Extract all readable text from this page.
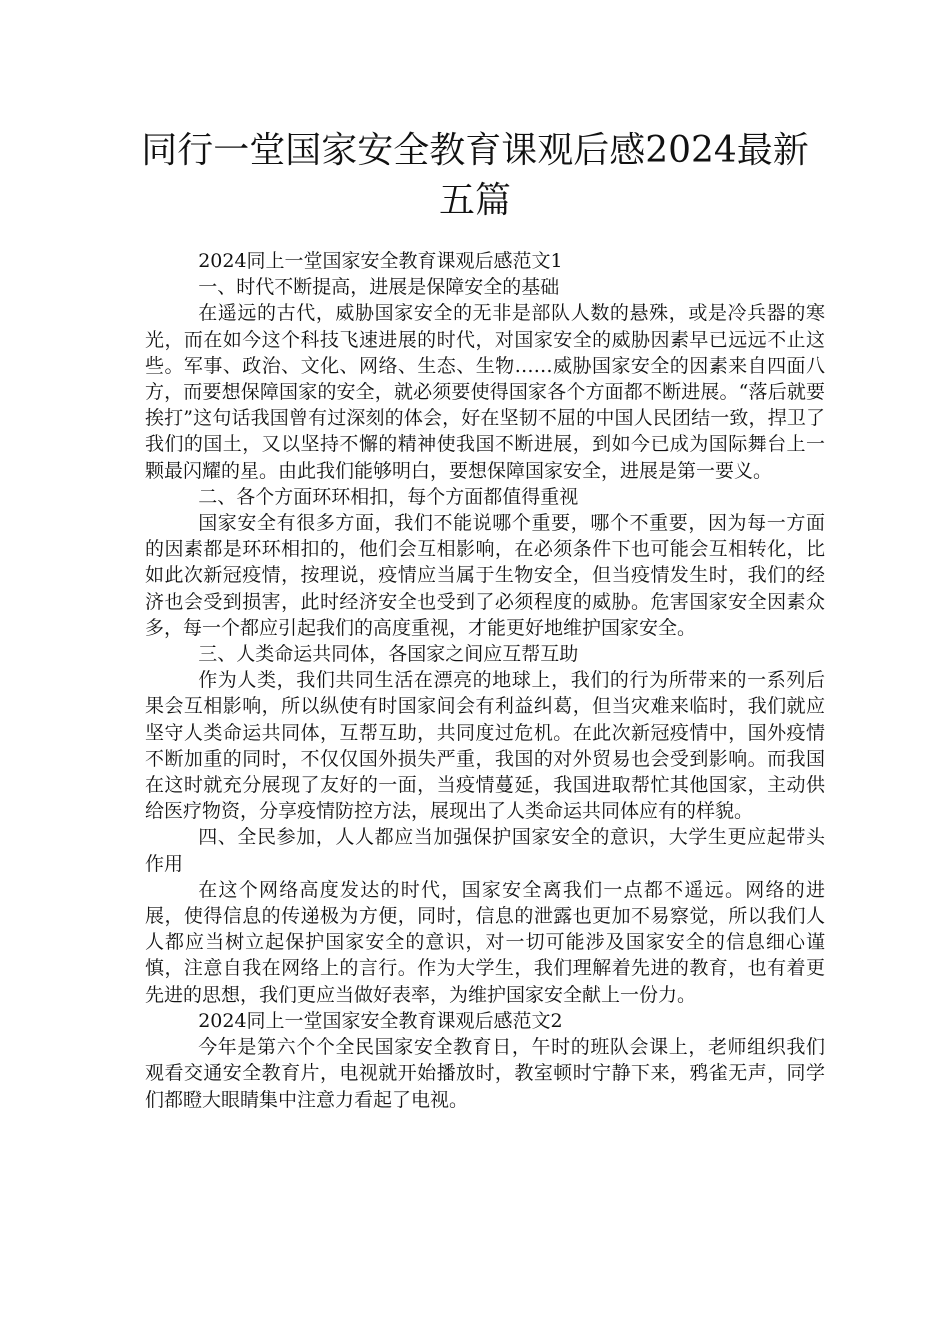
同行一堂国家安全教育课观后感2024最新五篇

2024同上一堂国家安全教育课观后感范文1

一、时代不断提高，进展是保障安全的基础

在遥远的古代，威胁国家安全的无非是部队人数的悬殊，或是冷兵器的寒光，而在如今这个科技飞速进展的时代，对国家安全的威胁因素早已远远不止这些。军事、政治、文化、网络、生态、生物……威胁国家安全的因素来自四面八方，而要想保障国家的安全，就必须要使得国家各个方面都不断进展。“落后就要挨打”这句话我国曾有过深刻的体会，好在坚韧不屈的中国人民团结一致，捍卫了我们的国土，又以坚持不懈的精神使我国不断进展，到如今已成为国际舞台上一颗最闪耀的星。由此我们能够明白，要想保障国家安全，进展是第一要义。

二、各个方面环环相扣，每个方面都值得重视

国家安全有很多方面，我们不能说哪个重要，哪个不重要，因为每一方面的因素都是环环相扣的，他们会互相影响，在必须条件下也可能会互相转化，比如此次新冠疫情，按理说，疫情应当属于生物安全，但当疫情发生时，我们的经济也会受到损害，此时经济安全也受到了必须程度的威胁。危害国家安全因素众多，每一个都应引起我们的高度重视，才能更好地维护国家安全。

三、人类命运共同体，各国家之间应互帮互助

作为人类，我们共同生活在漂亮的地球上，我们的行为所带来的一系列后果会互相影响，所以纵使有时国家间会有利益纠葛，但当灾难来临时，我们就应坚守人类命运共同体，互帮互助，共同度过危机。在此次新冠疫情中，国外疫情不断加重的同时，不仅仅国外损失严重，我国的对外贸易也会受到影响。而我国在这时就充分展现了友好的一面，当疫情蔓延，我国进取帮忙其他国家，主动供给医疗物资，分享疫情防控方法，展现出了人类命运共同体应有的样貌。

四、全民参加，人人都应当加强保护国家安全的意识，大学生更应起带头作用

在这个网络高度发达的时代，国家安全离我们一点都不遥远。网络的进展，使得信息的传递极为方便，同时，信息的泄露也更加不易察觉，所以我们人人都应当树立起保护国家安全的意识，对一切可能涉及国家安全的信息细心谨慎，注意自我在网络上的言行。作为大学生，我们理解着先进的教育，也有着更先进的思想，我们更应当做好表率，为维护国家安全献上一份力。

2024同上一堂国家安全教育课观后感范文2

今年是第六个个全民国家安全教育日，午时的班队会课上，老师组织我们观看交通安全教育片，电视就开始播放时，教室顿时宁静下来，鸦雀无声，同学们都瞪大眼睛集中注意力看起了电视。
